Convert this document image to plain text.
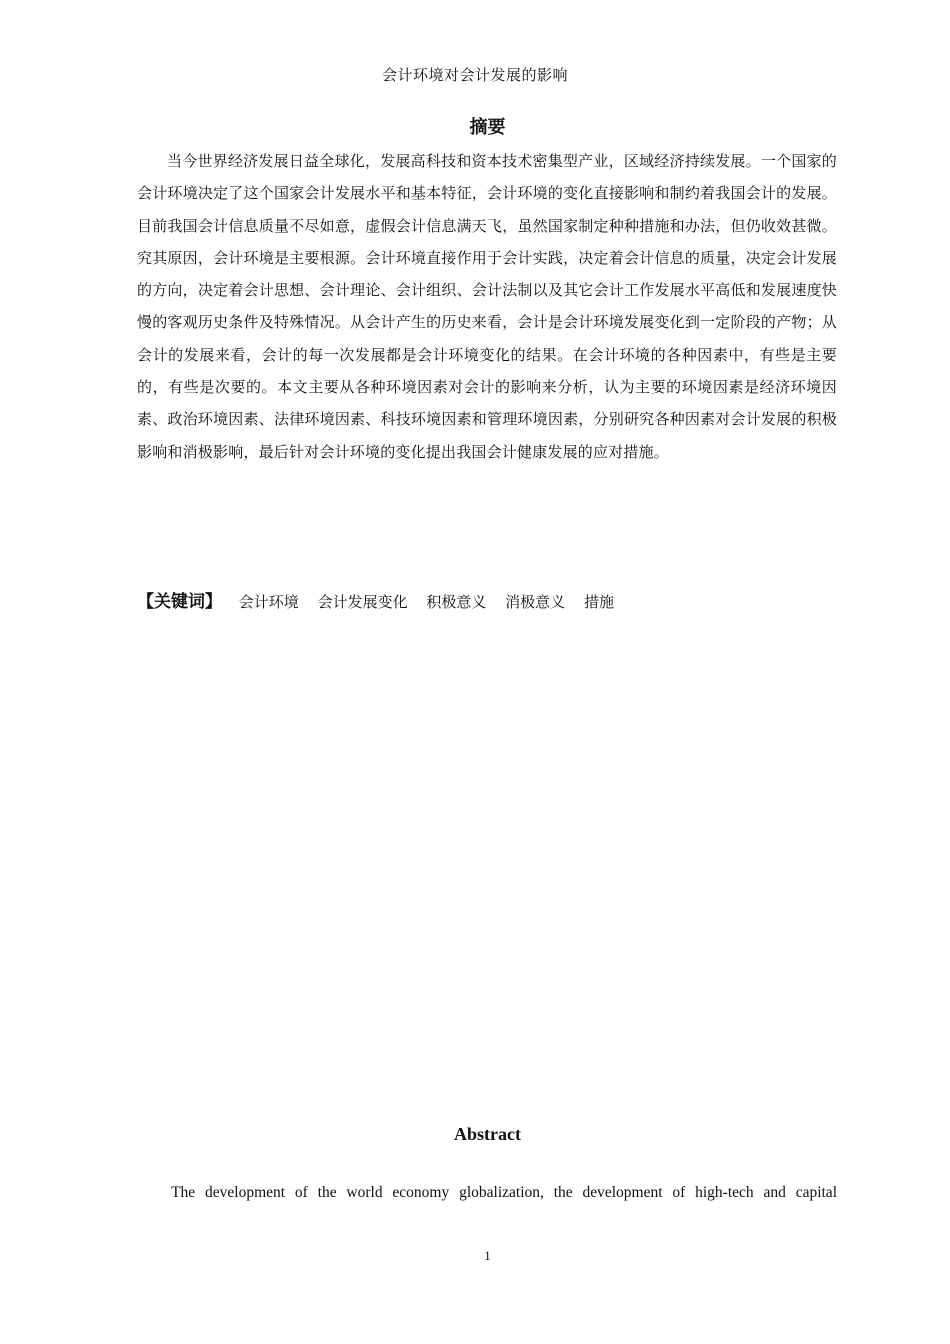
会计环境对会计发展的影响
摘要
当今世界经济发展日益全球化，发展高科技和资本技术密集型产业，区域经济持续发展。一个国家的会计环境决定了这个国家会计发展水平和基本特征，会计环境的变化直接影响和制约着我国会计的发展。目前我国会计信息质量不尽如意，虚假会计信息满天飞，虽然国家制定种种措施和办法，但仍收效甚微。究其原因，会计环境是主要根源。会计环境直接作用于会计实践，决定着会计信息的质量，决定会计发展的方向，决定着会计思想、会计理论、会计组织、会计法制以及其它会计工作发展水平高低和发展速度快慢的客观历史条件及特殊情况。从会计产生的历史来看，会计是会计环境发展变化到一定阶段的产物；从会计的发展来看，会计的每一次发展都是会计环境变化的结果。在会计环境的各种因素中，有些是主要的，有些是次要的。本文主要从各种环境因素对会计的影响来分析，认为主要的环境因素是经济环境因素、政治环境因素、法律环境因素、科技环境因素和管理环境因素，分别研究各种因素对会计发展的积极影响和消极影响，最后针对会计环境的变化提出我国会计健康发展的应对措施。
【关键词】 会计环境 会计发展变化 积极意义 消极意义 措施
Abstract
The development of the world economy globalization, the development of high-tech and capital
1
